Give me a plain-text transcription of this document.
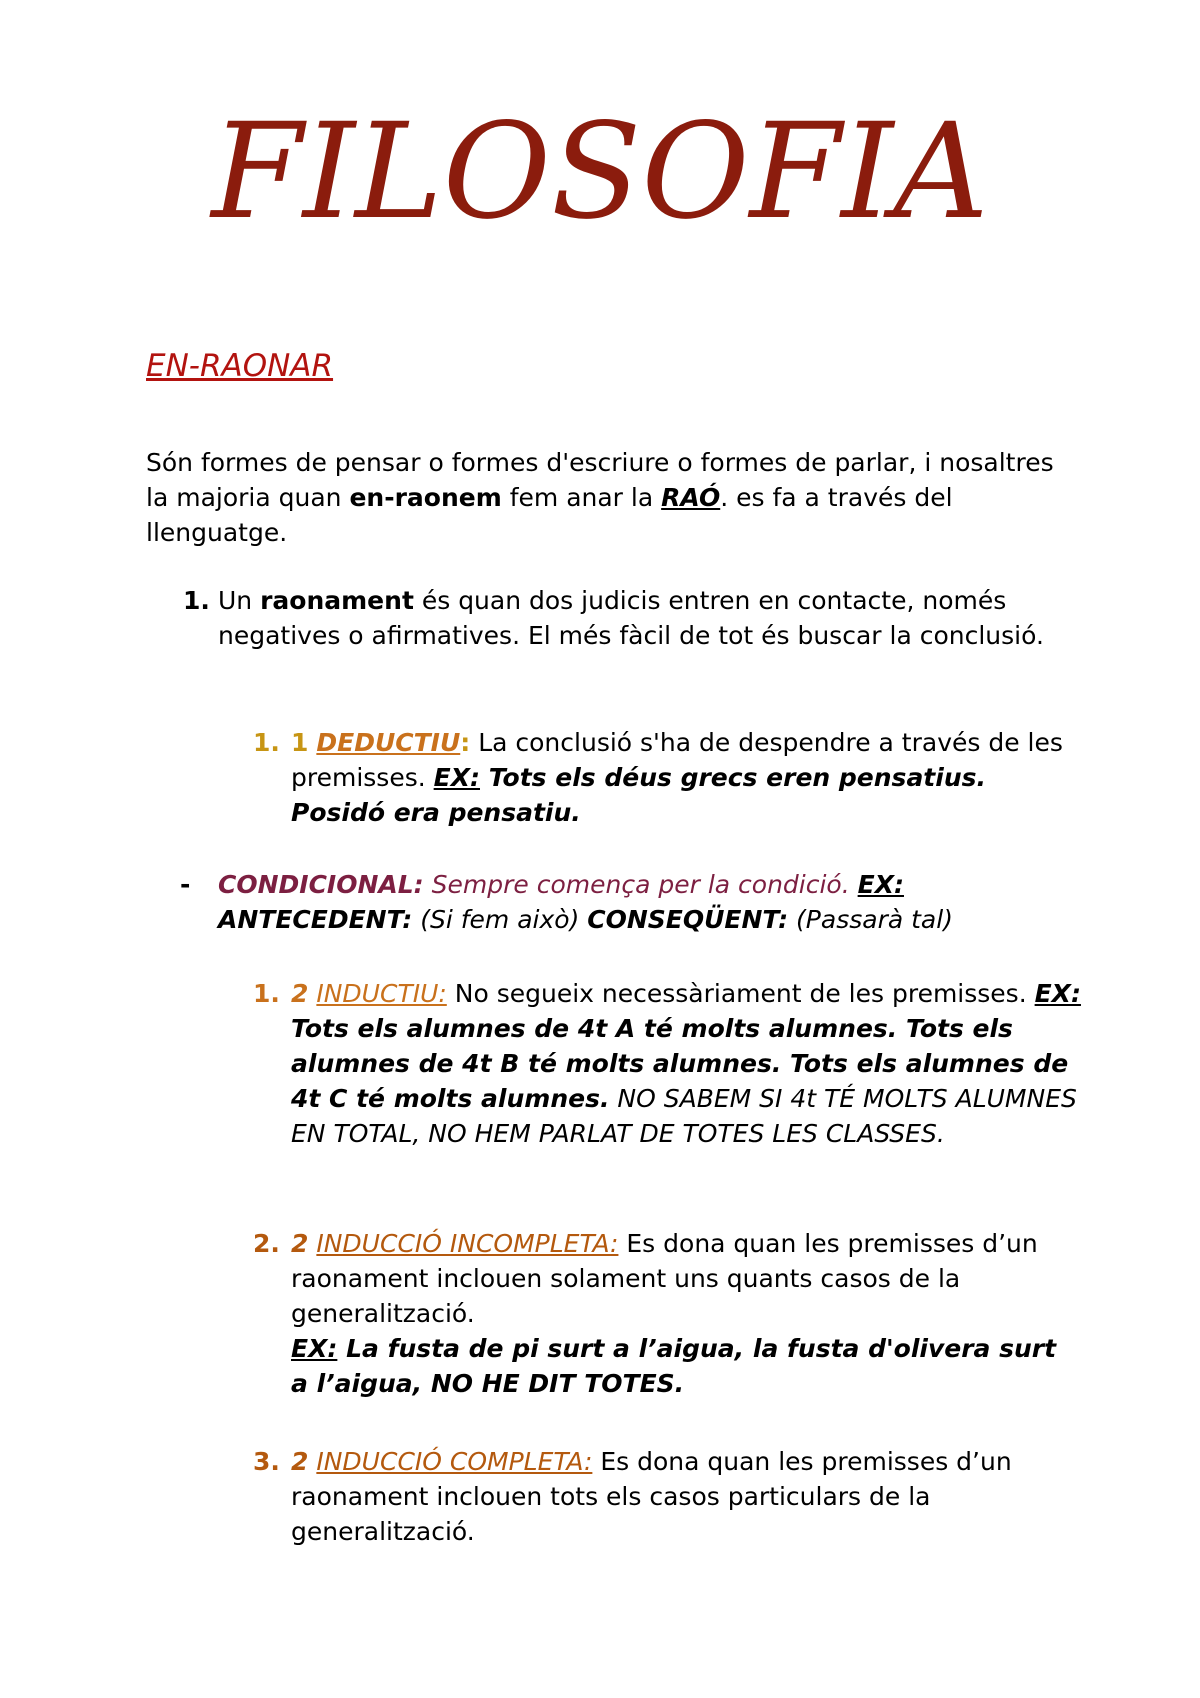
FILOSOFIA
EN-RAONAR

Són formes de pensar o formes d'escriure o formes de parlar, i nosaltres la majoria quan en-raonem fem anar la RAÓ. es fa a través del llenguatge.

1. Un raonament és quan dos judicis entren en contacte, només negatives o afirmatives. El més fàcil de tot és buscar la conclusió.

1. 1 DEDUCTIU: La conclusió s'ha de despendre a través de les premisses. EX: Tots els déus grecs eren pensatius. Posidó era pensatiu.

- CONDICIONAL: Sempre comença per la condició. EX:
ANTECEDENT: (Si fem això) CONSEQÜENT: (Passarà tal)

1. 2 INDUCTIU: No segueix necessàriament de les premisses. EX: Tots els alumnes de 4t A té molts alumnes. Tots els alumnes de 4t B té molts alumnes. Tots els alumnes de 4t C té molts alumnes. NO SABEM SI 4t TÉ MOLTS ALUMNES EN TOTAL, NO HEM PARLAT DE TOTES LES CLASSES.

2. 2 INDUCCIÓ INCOMPLETA: Es dona quan les premisses d’un raonament inclouen solament uns quants casos de la generalització.
EX: La fusta de pi surt a l’aigua, la fusta d'olivera surt a l’aigua, NO HE DIT TOTES.

3. 2 INDUCCIÓ COMPLETA: Es dona quan les premisses d’un raonament inclouen tots els casos particulars de la generalització.
